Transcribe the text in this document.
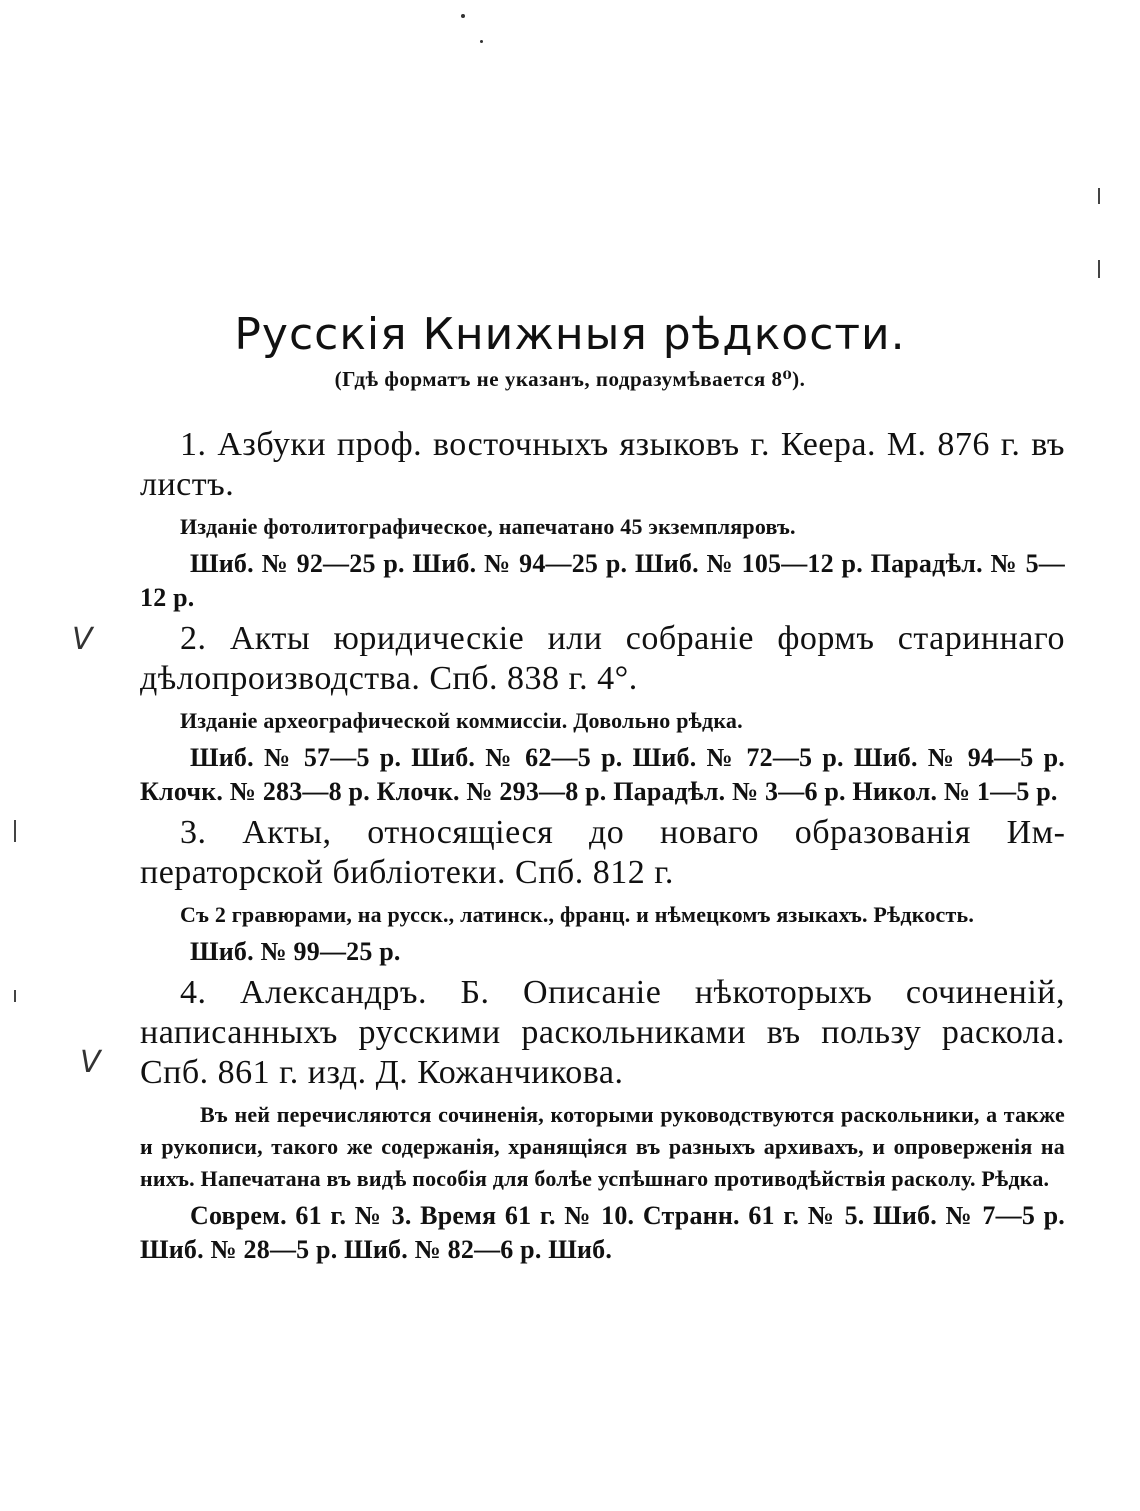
Русскія Книжныя рѣдкости.
(Гдѣ форматъ не указанъ, подразумѣвается 8⁰).
V
V

1. Азбуки проф. восточныхъ языковъ г. Кеера. М. 876 г. въ листъ.

Изданіе фотолитографическое, напечатано 45 экземпляровъ.

Шиб. № 92—25 р. Шиб. № 94—25 р. Шиб. № 105—12 р. Парадѣл. № 5—12 р.

2. Акты юридическіе или собраніе формъ стариннаго дѣлопроизводства. Спб. 838 г. 4°.

Изданіе археографической коммиссіи. Довольно рѣдка.

Шиб. № 57—5 р. Шиб. № 62—5 р. Шиб. № 72—5 р. Шиб. № 94—5 р. Клочк. № 283—8 р. Клочк. № 293—8 р. Парадѣл. № 3—6 р. Никол. № 1—5 р.

3. Акты, относящіеся до новаго образованія Императорской библіотеки. Спб. 812 г.

Съ 2 гравюрами, на русск., латинск., франц. и нѣмецкомъ языкахъ. Рѣдкость.

Шиб. № 99—25 р.

4. Александръ. Б. Описаніе нѣкоторыхъ сочиненій, написанныхъ русскими раскольниками въ пользу раскола. Спб. 861 г. изд. Д. Кожанчикова.

Въ ней перечисляются сочиненія, которыми руководствуются раскольники, а также и рукописи, такого же содержанія, хранящіяся въ разныхъ архивахъ, и опроверженія на нихъ. Напечатана въ видѣ пособія для болѣе успѣшнаго противодѣйствія расколу. Рѣдка.

Соврем. 61 г. № 3. Время 61 г. № 10. Странн. 61 г. № 5. Шиб. № 7—5 р. Шиб. № 28—5 р. Шиб. № 82—6 р. Шиб.
